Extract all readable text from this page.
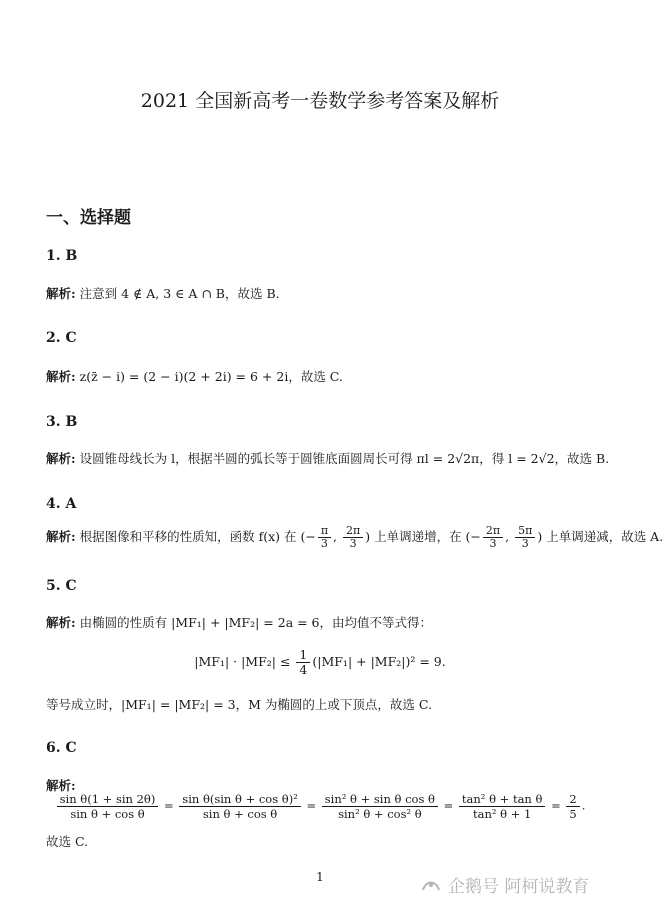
2021 全国新高考一卷数学参考答案及解析
一、选择题
1. B
解析: 注意到 4 ∉ A, 3 ∈ A ∩ B，故选 B.
2. C
解析: z(z̄ − i) = (2 − i)(2 + 2i) = 6 + 2i，故选 C.
3. B
解析: 设圆锥母线长为 l，根据半圆的弧长等于圆锥底面圆周长可得 πl = 2√2π，得 l = 2√2，故选 B.
4. A
解析: 根据图像和平移的性质知，函数 f(x) 在 (− $\frac{\pi}{3}$ , $\frac{2\pi}{3}$ ) 上单调递增，在 (− $\frac{2\pi}{3}$ , $\frac{5\pi}{3}$ ) 上单调递减，故选 A.
5. C
解析: 由椭圆的性质有 |MF₁| + |MF₂| = 2a = 6，由均值不等式得：
$|MF_1| \cdot |MF_2| \le \frac{1}{4} (|MF_1| + |MF_2|)^2 = 9$.
等号成立时，|MF₁| = |MF₂| = 3，M 为椭圆的上或下顶点，故选 C.
6. C
解析:
$\frac{\text{sin θ(1 + sin 2θ)}}{\text{sin θ + cos θ}} = \frac{\text{sin θ(sin θ + cos θ)²}}{\text{sin θ + cos θ}} = \frac{\text{sin² θ + sin θ cos θ}}{\text{sin² θ + cos² θ}} = \frac{\text{tan² θ + tan θ}}{\text{tan² θ + 1}} = \frac{2}{5}$ .
故选 C.
1	企鹅号 阿柯说教育
